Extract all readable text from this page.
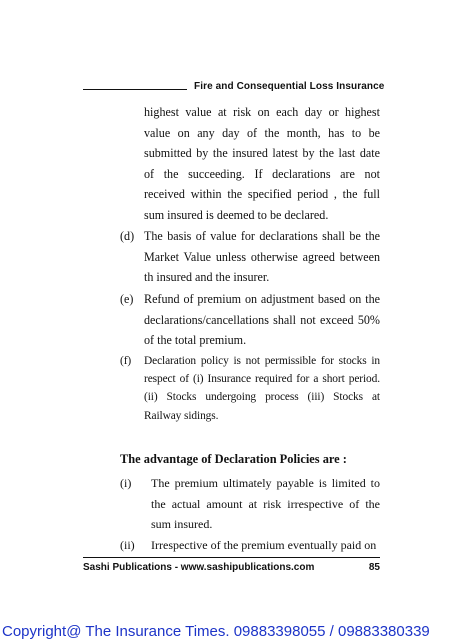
Fire and Consequential Loss Insurance
highest value at risk on each day or highest value on any day of the month, has to be submitted by the insured latest by the last date of the succeeding. If declarations are not received within the specified period , the full sum insured is deemed to be declared.
(d) The basis of value for declarations shall be the Market Value unless otherwise agreed between th insured and the insurer.
(e) Refund of premium on adjustment based on the declarations/cancellations shall not exceed 50% of the total premium.
(f) Declaration policy is not permissible for stocks in respect of (i) Insurance required for a short period. (ii) Stocks undergoing process (iii) Stocks at Railway sidings.
The advantage of Declaration Policies are :
(i) The premium ultimately payable is limited to the actual amount at risk irrespective of the sum insured.
(ii) Irrespective of the premium eventually paid on
Sashi Publications - www.sashipublications.com	85
Copyright@ The Insurance Times. 09883398055 / 09883380339
